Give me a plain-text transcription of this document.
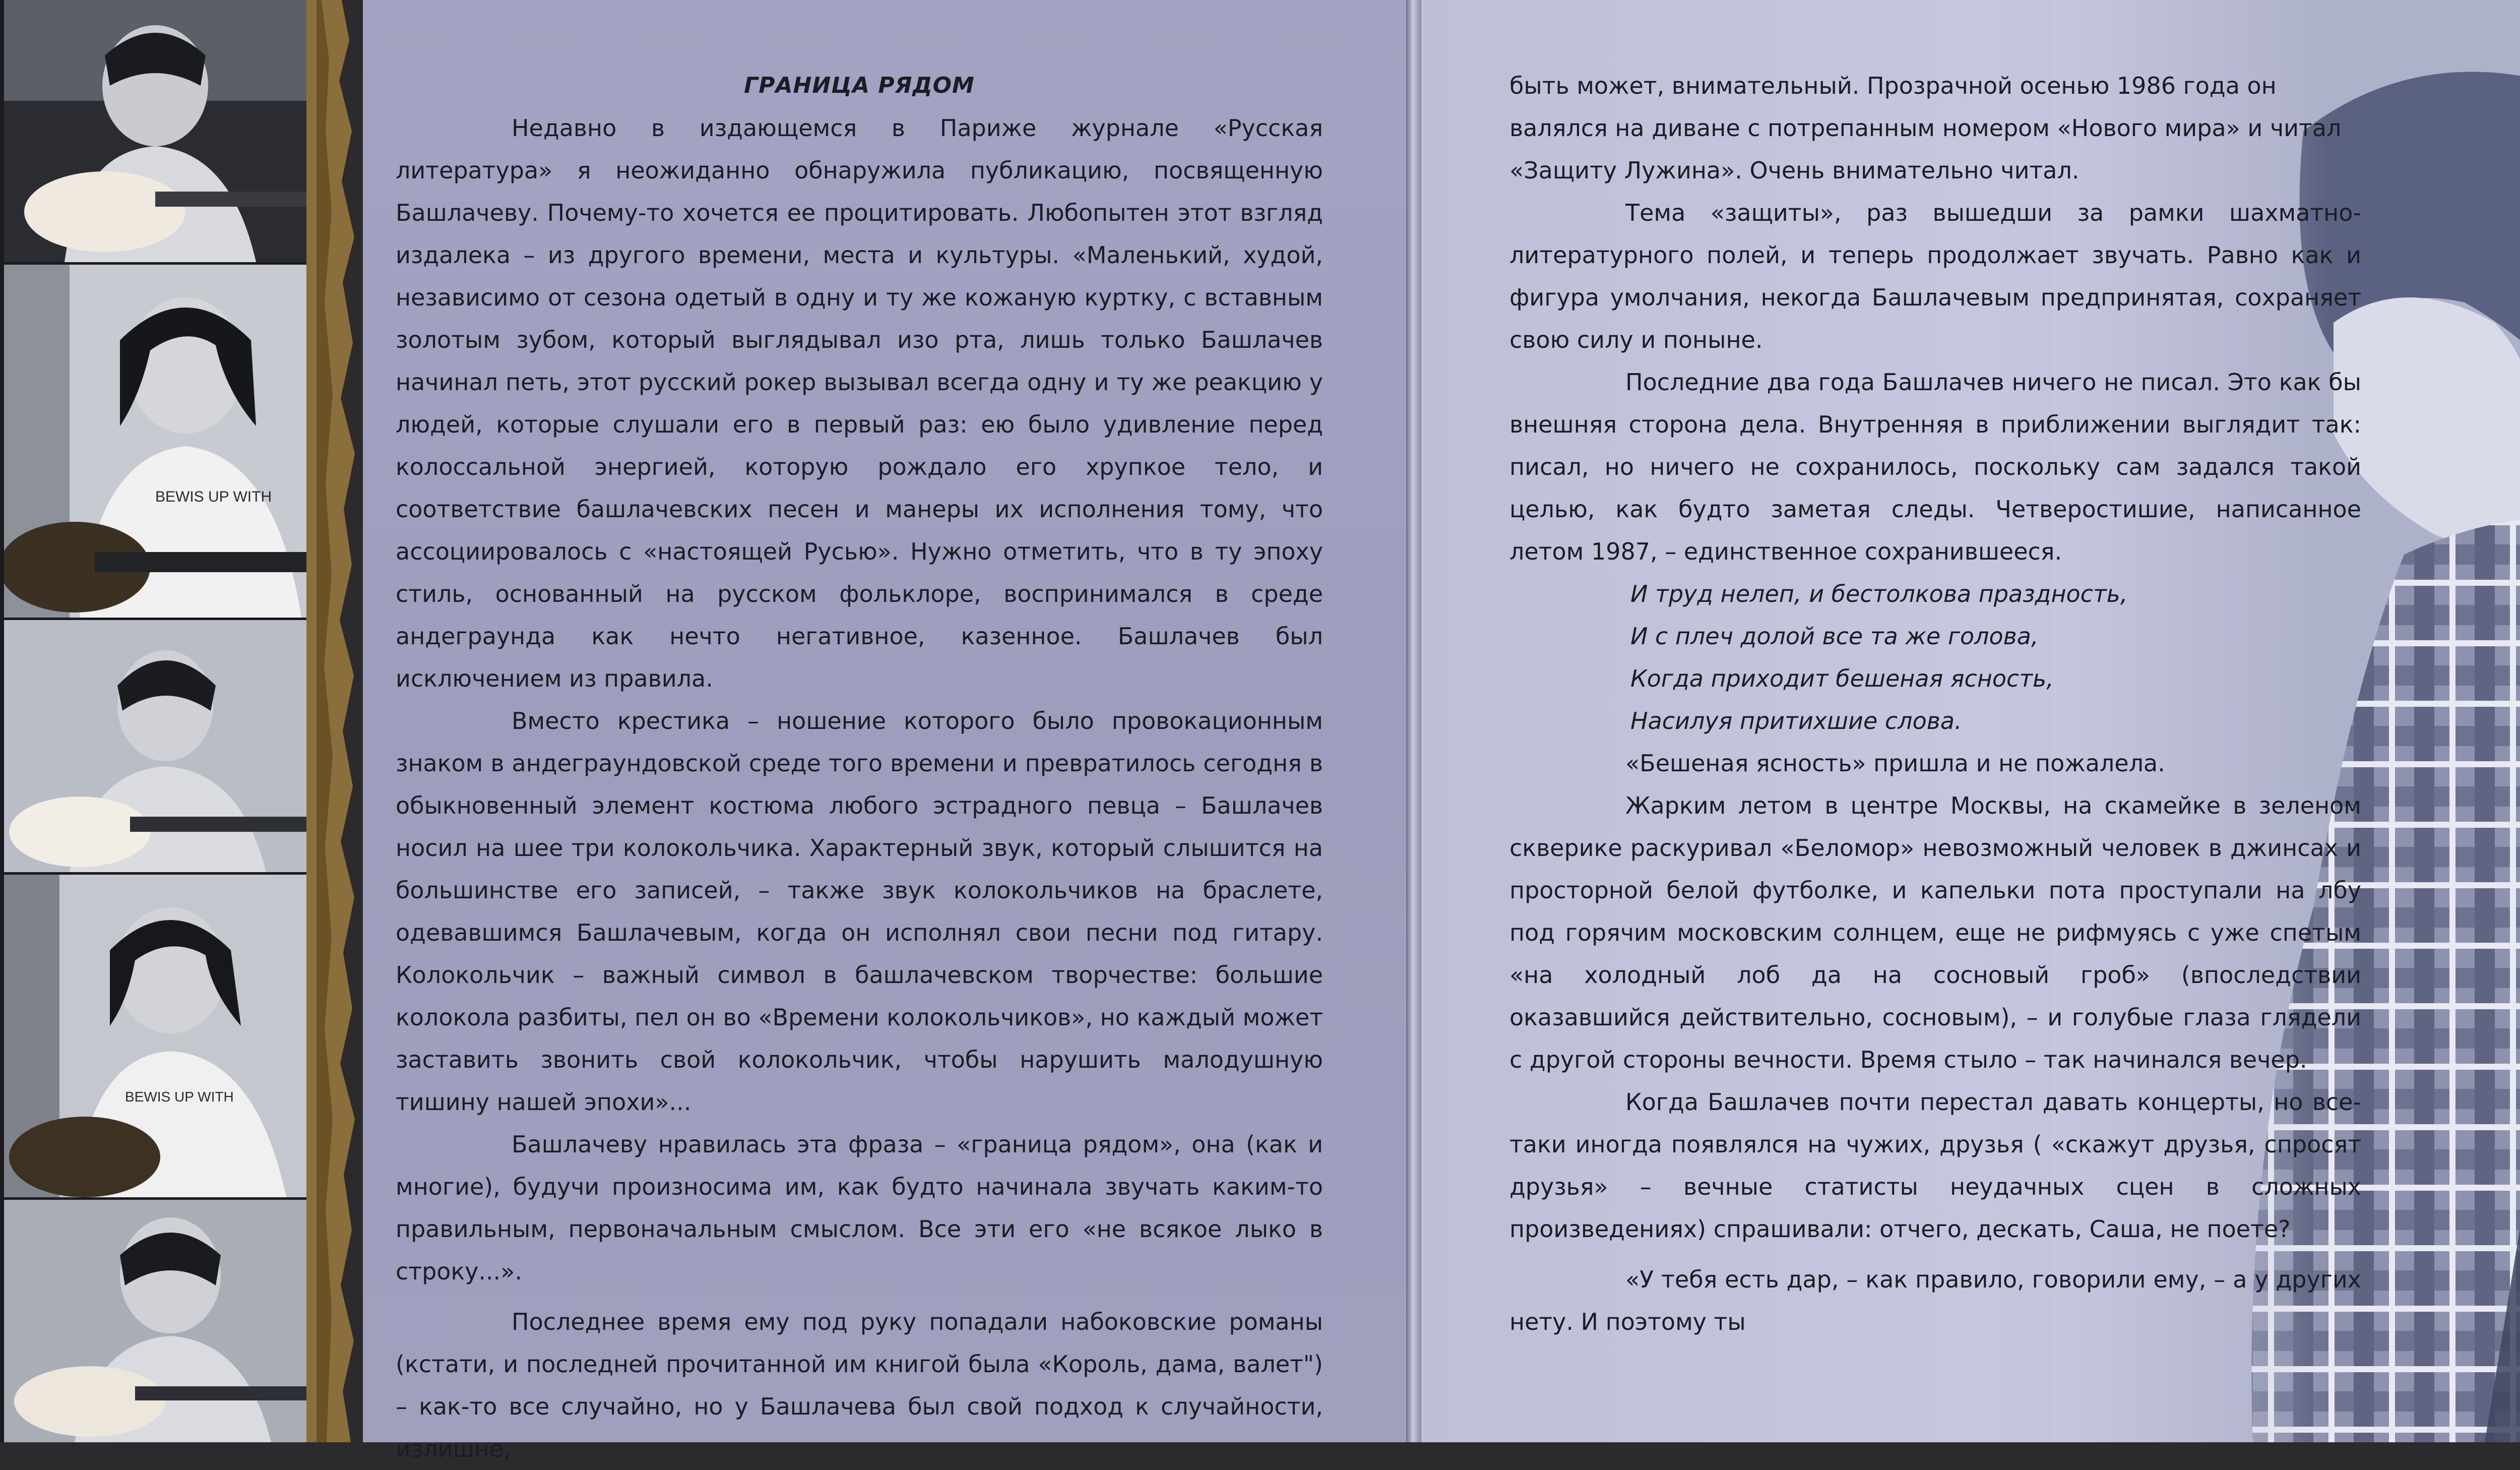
BEWIS UP WITH
BEWIS UP WITH
ГРАНИЦА РЯДОМ

Недавно в издающемся в Париже журнале «Русская литература» я неожиданно обнаружила публикацию, посвященную Башлачеву. Почему-то хочется ее процитировать. Любопытен этот взгляд издалека – из другого времени, места и культуры. «Маленький, худой, независимо от сезона одетый в одну и ту же кожаную куртку, с вставным золотым зубом, который выглядывал изо рта, лишь только Башлачев начинал петь, этот русский рокер вызывал всегда одну и ту же реакцию у людей, которые слушали его в первый раз: ею было удивление перед колоссальной энергией, которую рождало его хрупкое тело, и соответствие башлачевских песен и манеры их исполнения тому, что ассоциировалось с «настоящей Русью». Нужно отметить, что в ту эпоху стиль, основанный на русском фольклоре, воспринимался в среде андеграунда как нечто негативное, казенное. Башлачев был исключением из правила.

Вместо крестика – ношение которого было провокационным знаком в андеграундовской среде того времени и превратилось сегодня в обыкновенный элемент костюма любого эстрадного певца – Башлачев носил на шее три колокольчика. Характерный звук, который слышится на большинстве его записей, – также звук колокольчиков на браслете, одевавшимся Башлачевым, когда он исполнял свои песни под гитару. Колокольчик – важный символ в башлачевском творчестве: большие колокола разбиты, пел он во «Времени колокольчиков», но каждый может заставить звонить свой колокольчик, чтобы нарушить малодушную тишину нашей эпохи»...

Башлачеву нравилась эта фраза – «граница рядом», она (как и многие), будучи произносима им, как будто начинала звучать каким-то правильным, первоначальным смыслом. Все эти его «не всякое лыко в строку...».

Последнее время ему под руку попадали набоковские романы (кстати, и последней прочитанной им книгой была «Король, дама, валет") – как-то все случайно, но у Башлачева был свой подход к случайности, излишне,

быть может, внимательный. Прозрачной осенью 1986 года он валялся на диване с потрепанным номером «Нового мира» и читал «Защиту Лужина». Очень внимательно читал.

Тема «защиты», раз вышедши за рамки шахматно-литературного полей, и теперь продолжает звучать. Равно как и фигура умолчания, некогда Башлачевым предпринятая, сохраняет свою силу и поныне.

Последние два года Башлачев ничего не писал. Это как бы внешняя сторона дела. Внутренняя в приближении выглядит так: писал, но ничего не сохранилось, поскольку сам задался такой целью, как будто заметая следы. Четверостишие, написанное летом 1987, – единственное сохранившееся.

И труд нелеп, и бестолкова праздность,

И с плеч долой все та же голова,

Когда приходит бешеная ясность,

Насилуя притихшие слова.

«Бешеная ясность» пришла и не пожалела.

Жарким летом в центре Москвы, на скамейке в зеленом скверике раскуривал «Беломор» невозможный человек в джинсах и просторной белой футболке, и капельки пота проступали на лбу под горячим московским солнцем, еще не рифмуясь с уже спетым «на холодный лоб да на сосновый гроб» (впоследствии оказавшийся действительно, сосновым), – и голубые глаза глядели с другой стороны вечности. Время стыло – так начинался вечер.

Когда Башлачев почти перестал давать концерты, но все-таки иногда появлялся на чужих, друзья ( «скажут друзья, спросят друзья» – вечные статисты неудачных сцен в сложных произведениях) спрашивали: отчего, дескать, Саша, не поете?

«У тебя есть дар, – как правило, говорили ему, – а у других нету. И поэтому ты
